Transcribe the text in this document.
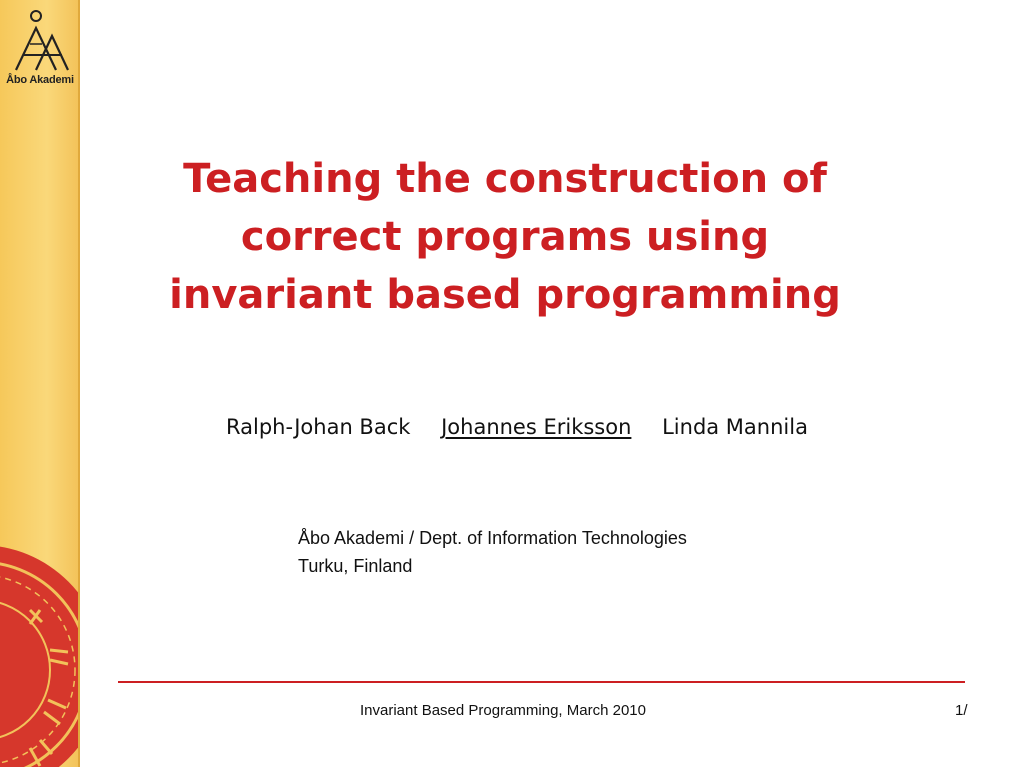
Åbo Akademi
Teaching the construction of
correct programs using
invariant based programming
Ralph-Johan Back Johannes Eriksson Linda Mannila
Åbo Akademi / Dept. of Information Technologies
Turku, Finland
Invariant Based Programming, March 2010	1/
